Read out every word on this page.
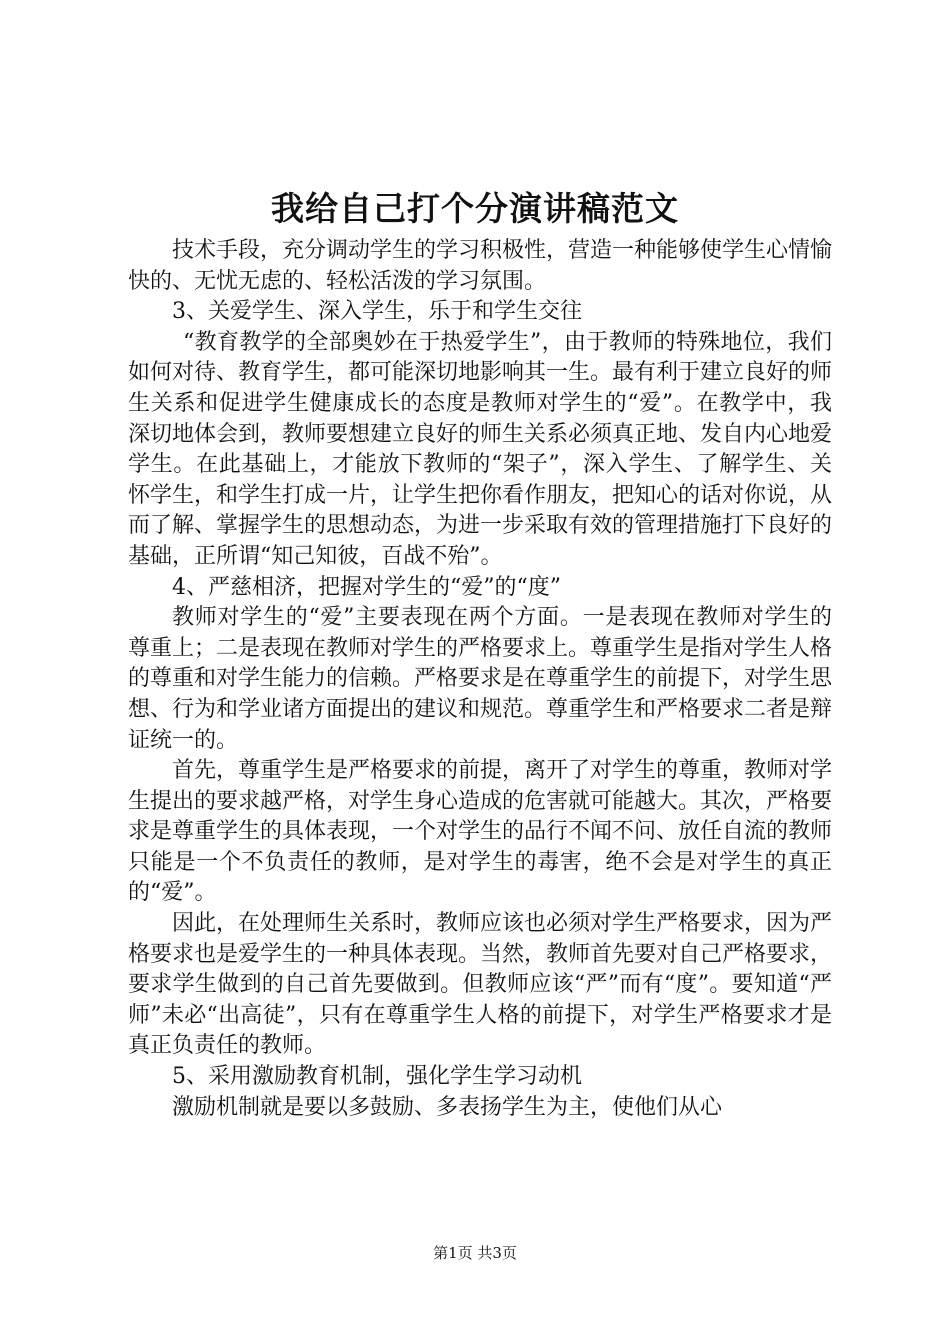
我给自己打个分演讲稿范文

技术手段，充分调动学生的学习积极性，营造一种能够使学生心情愉快的、无忧无虑的、轻松活泼的学习氛围。

3、关爱学生、深入学生，乐于和学生交往

“教育教学的全部奥妙在于热爱学生”，由于教师的特殊地位，我们如何对待、教育学生，都可能深切地影响其一生。最有利于建立良好的师生关系和促进学生健康成长的态度是教师对学生的“爱”。在教学中，我深切地体会到，教师要想建立良好的师生关系必须真正地、发自内心地爱学生。在此基础上，才能放下教师的“架子”，深入学生、了解学生、关怀学生，和学生打成一片，让学生把你看作朋友，把知心的话对你说，从而了解、掌握学生的思想动态，为进一步采取有效的管理措施打下良好的基础，正所谓“知己知彼，百战不殆”。

4、严慈相济，把握对学生的“爱”的“度”

教师对学生的“爱”主要表现在两个方面。一是表现在教师对学生的尊重上；二是表现在教师对学生的严格要求上。尊重学生是指对学生人格的尊重和对学生能力的信赖。严格要求是在尊重学生的前提下，对学生思想、行为和学业诸方面提出的建议和规范。尊重学生和严格要求二者是辩证统一的。

首先，尊重学生是严格要求的前提，离开了对学生的尊重，教师对学生提出的要求越严格，对学生身心造成的危害就可能越大。其次，严格要求是尊重学生的具体表现，一个对学生的品行不闻不问、放任自流的教师只能是一个不负责任的教师，是对学生的毒害，绝不会是对学生的真正的“爱”。

因此，在处理师生关系时，教师应该也必须对学生严格要求，因为严格要求也是爱学生的一种具体表现。当然，教师首先要对自己严格要求，要求学生做到的自己首先要做到。但教师应该“严”而有“度”。要知道“严师”未必“出高徒”，只有在尊重学生人格的前提下，对学生严格要求才是真正负责任的教师。

5、采用激励教育机制，强化学生学习动机

激励机制就是要以多鼓励、多表扬学生为主，使他们从心

第1页 共3页
